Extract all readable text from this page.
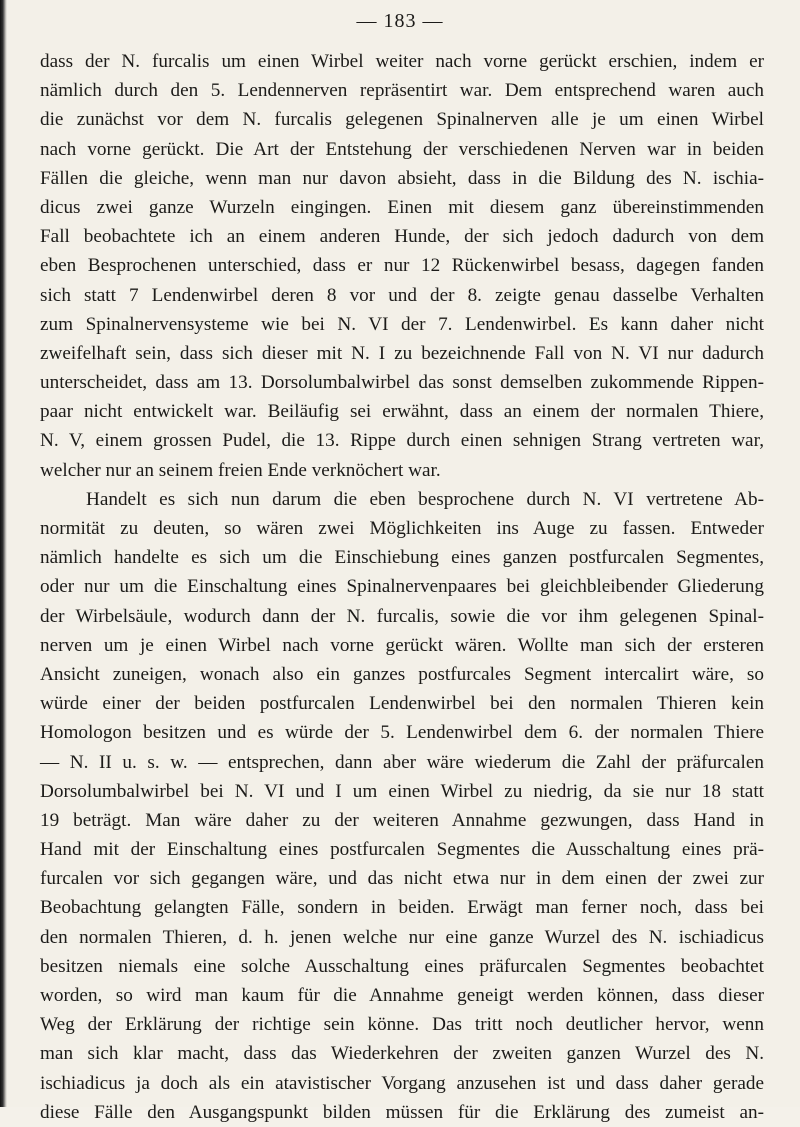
— 183 —
dass der N. furcalis um einen Wirbel weiter nach vorne gerückt erschien, indem er
nämlich durch den 5. Lendennerven repräsentirt war. Dem entsprechend waren auch
die zunächst vor dem N. furcalis gelegenen Spinalnerven alle je um einen Wirbel
nach vorne gerückt. Die Art der Entstehung der verschiedenen Nerven war in beiden
Fällen die gleiche, wenn man nur davon absieht, dass in die Bildung des N. ischia-
dicus zwei ganze Wurzeln eingingen. Einen mit diesem ganz übereinstimmenden
Fall beobachtete ich an einem anderen Hunde, der sich jedoch dadurch von dem
eben Besprochenen unterschied, dass er nur 12 Rückenwirbel besass, dagegen fanden
sich statt 7 Lendenwirbel deren 8 vor und der 8. zeigte genau dasselbe Verhalten
zum Spinalnervensysteme wie bei N. VI der 7. Lendenwirbel. Es kann daher nicht
zweifelhaft sein, dass sich dieser mit N. I zu bezeichnende Fall von N. VI nur dadurch
unterscheidet, dass am 13. Dorsolumbalwirbel das sonst demselben zukommende Rippen-
paar nicht entwickelt war. Beiläufig sei erwähnt, dass an einem der normalen Thiere,
N. V, einem grossen Pudel, die 13. Rippe durch einen sehnigen Strang vertreten war,
welcher nur an seinem freien Ende verknöchert war.
Handelt es sich nun darum die eben besprochene durch N. VI vertretene Ab-
normität zu deuten, so wären zwei Möglichkeiten ins Auge zu fassen. Entweder
nämlich handelte es sich um die Einschiebung eines ganzen postfurcalen Segmentes,
oder nur um die Einschaltung eines Spinalnervenpaares bei gleichbleibender Gliederung
der Wirbelsäule, wodurch dann der N. furcalis, sowie die vor ihm gelegenen Spinal-
nerven um je einen Wirbel nach vorne gerückt wären. Wollte man sich der ersteren
Ansicht zuneigen, wonach also ein ganzes postfurcales Segment intercalirt wäre, so
würde einer der beiden postfurcalen Lendenwirbel bei den normalen Thieren kein
Homologon besitzen und es würde der 5. Lendenwirbel dem 6. der normalen Thiere
— N. II u. s. w. — entsprechen, dann aber wäre wiederum die Zahl der präfurcalen
Dorsolumbalwirbel bei N. VI und I um einen Wirbel zu niedrig, da sie nur 18 statt
19 beträgt. Man wäre daher zu der weiteren Annahme gezwungen, dass Hand in
Hand mit der Einschaltung eines postfurcalen Segmentes die Ausschaltung eines prä-
furcalen vor sich gegangen wäre, und das nicht etwa nur in dem einen der zwei zur
Beobachtung gelangten Fälle, sondern in beiden. Erwägt man ferner noch, dass bei
den normalen Thieren, d. h. jenen welche nur eine ganze Wurzel des N. ischiadicus
besitzen niemals eine solche Ausschaltung eines präfurcalen Segmentes beobachtet
worden, so wird man kaum für die Annahme geneigt werden können, dass dieser
Weg der Erklärung der richtige sein könne. Das tritt noch deutlicher hervor, wenn
man sich klar macht, dass das Wiederkehren der zweiten ganzen Wurzel des N.
ischiadicus ja doch als ein atavistischer Vorgang anzusehen ist und dass daher gerade
diese Fälle den Ausgangspunkt bilden müssen für die Erklärung des zumeist an-
